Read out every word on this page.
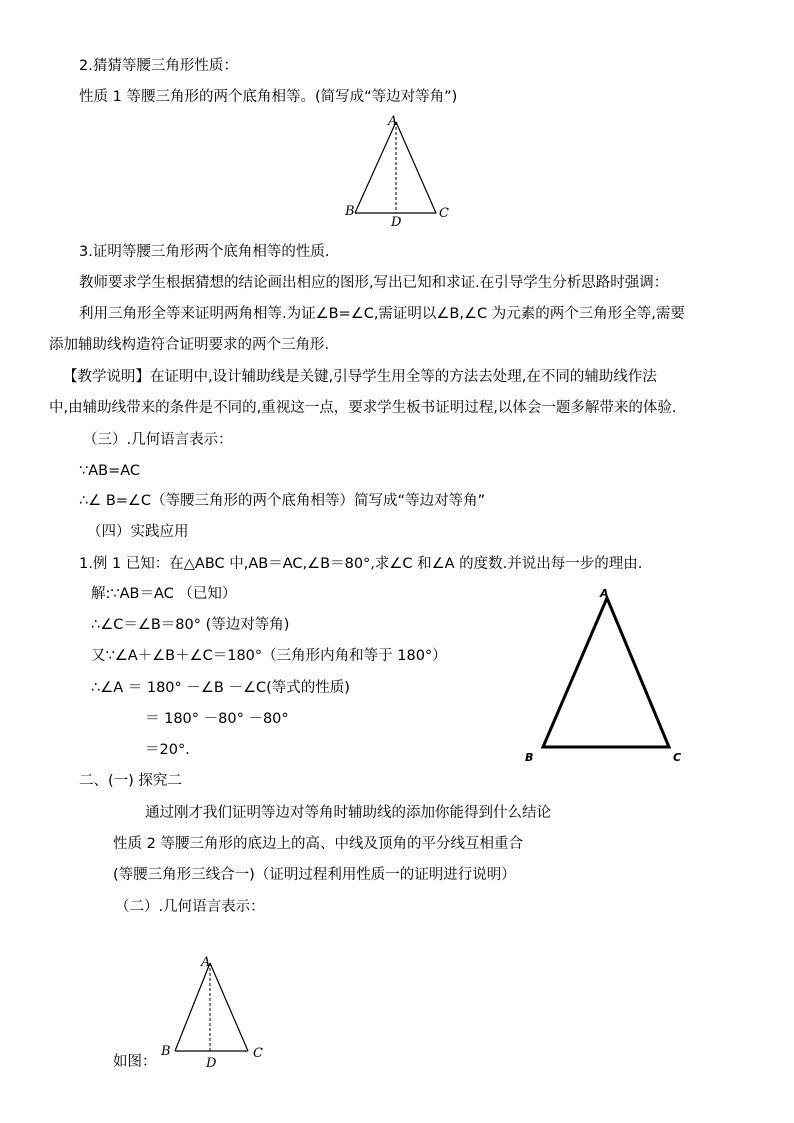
2.猜猜等腰三角形性质：
性质 1 等腰三角形的两个底角相等。(简写成“等边对等角”)
A
B	C
D
3.证明等腰三角形两个底角相等的性质.
教师要求学生根据猜想的结论画出相应的图形,写出已知和求证.在引导学生分析思路时强调：
利用三角形全等来证明两角相等.为证∠B=∠C,需证明以∠B,∠C 为元素的两个三角形全等,需要
添加辅助线构造符合证明要求的两个三角形.
【教学说明】在证明中,设计辅助线是关键,引导学生用全等的方法去处理,在不同的辅助线作法
中,由辅助线带来的条件是不同的,重视这一点，要求学生板书证明过程,以体会一题多解带来的体验.
（三）.几何语言表示：
∵AB=AC
∴∠ B=∠C（等腰三角形的两个底角相等）简写成“等边对等角”
（四）实践应用
1.例 1 已知：在△ABC 中,AB＝AC,∠B＝80°,求∠C 和∠A 的度数.并说出每一步的理由.
解:∵AB＝AC （已知）
∴∠C＝∠B＝80° (等边对等角)
又∵∠A＋∠B＋∠C＝180°（三角形内角和等于 180°）
∴∠A ＝ 180° －∠B －∠C(等式的性质)
＝ 180° －80° －80°
＝20°．
A
B	C
二、(一) 探究二
通过刚才我们证明等边对等角时辅助线的添加你能得到什么结论
性质 2 等腰三角形的底边上的高、中线及顶角的平分线互相重合
(等腰三角形三线合一)（证明过程利用性质一的证明进行说明）
（二）.几何语言表示：
A
B	C
D
如图：
